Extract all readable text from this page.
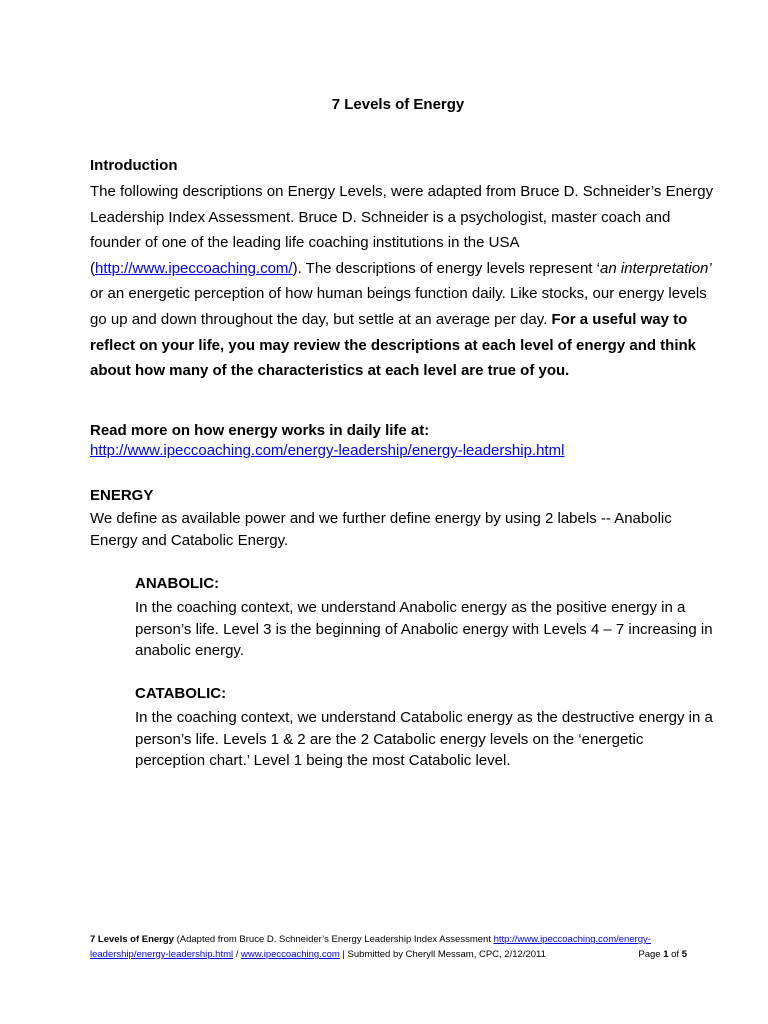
7 Levels of Energy
Introduction
The following descriptions on Energy Levels, were adapted from Bruce D. Schneider’s Energy Leadership Index Assessment. Bruce D. Schneider is a psychologist, master coach and founder of one of the leading life coaching institutions in the USA (http://www.ipeccoaching.com/). The descriptions of energy levels represent ‘an interpretation’ or an energetic perception of how human beings function daily. Like stocks, our energy levels go up and down throughout the day, but settle at an average per day. For a useful way to reflect on your life, you may review the descriptions at each level of energy and think about how many of the characteristics at each level are true of you.
Read more on how energy works in daily life at:
http://www.ipeccoaching.com/energy-leadership/energy-leadership.html
ENERGY
We define as available power and we further define energy by using 2 labels -- Anabolic Energy and Catabolic Energy.
ANABOLIC:
In the coaching context, we understand Anabolic energy as the positive energy in a person’s life. Level 3 is the beginning of Anabolic energy with Levels 4 – 7 increasing in anabolic energy.
CATABOLIC:
In the coaching context, we understand Catabolic energy as the destructive energy in a person’s life. Levels 1 & 2 are the 2 Catabolic energy levels on the ‘energetic perception chart.’ Level 1 being the most Catabolic level.
7 Levels of Energy (Adapted from Bruce D. Schneider’s Energy Leadership Index Assessment http://www.ipeccoaching.com/energy-leadership/energy-leadership.html / www.ipeccoaching.com | Submitted by Cheryll Messam, CPC, 2/12/2011	Page 1 of 5
